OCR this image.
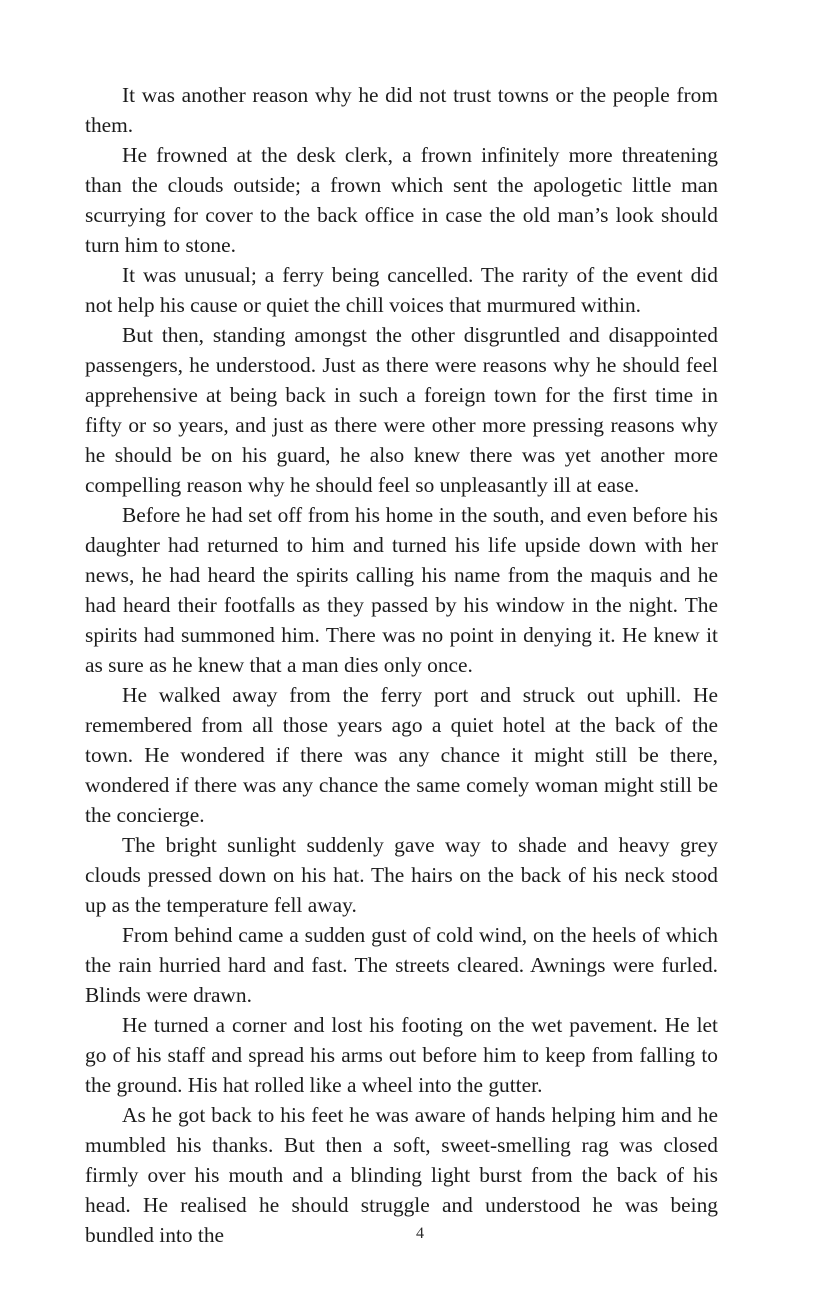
It was another reason why he did not trust towns or the people from them.

He frowned at the desk clerk, a frown infinitely more threatening than the clouds outside; a frown which sent the apologetic little man scurrying for cover to the back office in case the old man’s look should turn him to stone.

It was unusual; a ferry being cancelled. The rarity of the event did not help his cause or quiet the chill voices that murmured within.

But then, standing amongst the other disgruntled and disappointed passengers, he understood. Just as there were reasons why he should feel apprehensive at being back in such a foreign town for the first time in fifty or so years, and just as there were other more pressing reasons why he should be on his guard, he also knew there was yet another more compelling reason why he should feel so unpleasantly ill at ease.

Before he had set off from his home in the south, and even before his daughter had returned to him and turned his life upside down with her news, he had heard the spirits calling his name from the maquis and he had heard their footfalls as they passed by his window in the night. The spirits had summoned him. There was no point in denying it. He knew it as sure as he knew that a man dies only once.

He walked away from the ferry port and struck out uphill. He remembered from all those years ago a quiet hotel at the back of the town. He wondered if there was any chance it might still be there, wondered if there was any chance the same comely woman might still be the concierge.

The bright sunlight suddenly gave way to shade and heavy grey clouds pressed down on his hat. The hairs on the back of his neck stood up as the temperature fell away.

From behind came a sudden gust of cold wind, on the heels of which the rain hurried hard and fast. The streets cleared. Awnings were furled. Blinds were drawn.

He turned a corner and lost his footing on the wet pavement. He let go of his staff and spread his arms out before him to keep from falling to the ground. His hat rolled like a wheel into the gutter.

As he got back to his feet he was aware of hands helping him and he mumbled his thanks. But then a soft, sweet-smelling rag was closed firmly over his mouth and a blinding light burst from the back of his head. He realised he should struggle and understood he was being bundled into the	4
